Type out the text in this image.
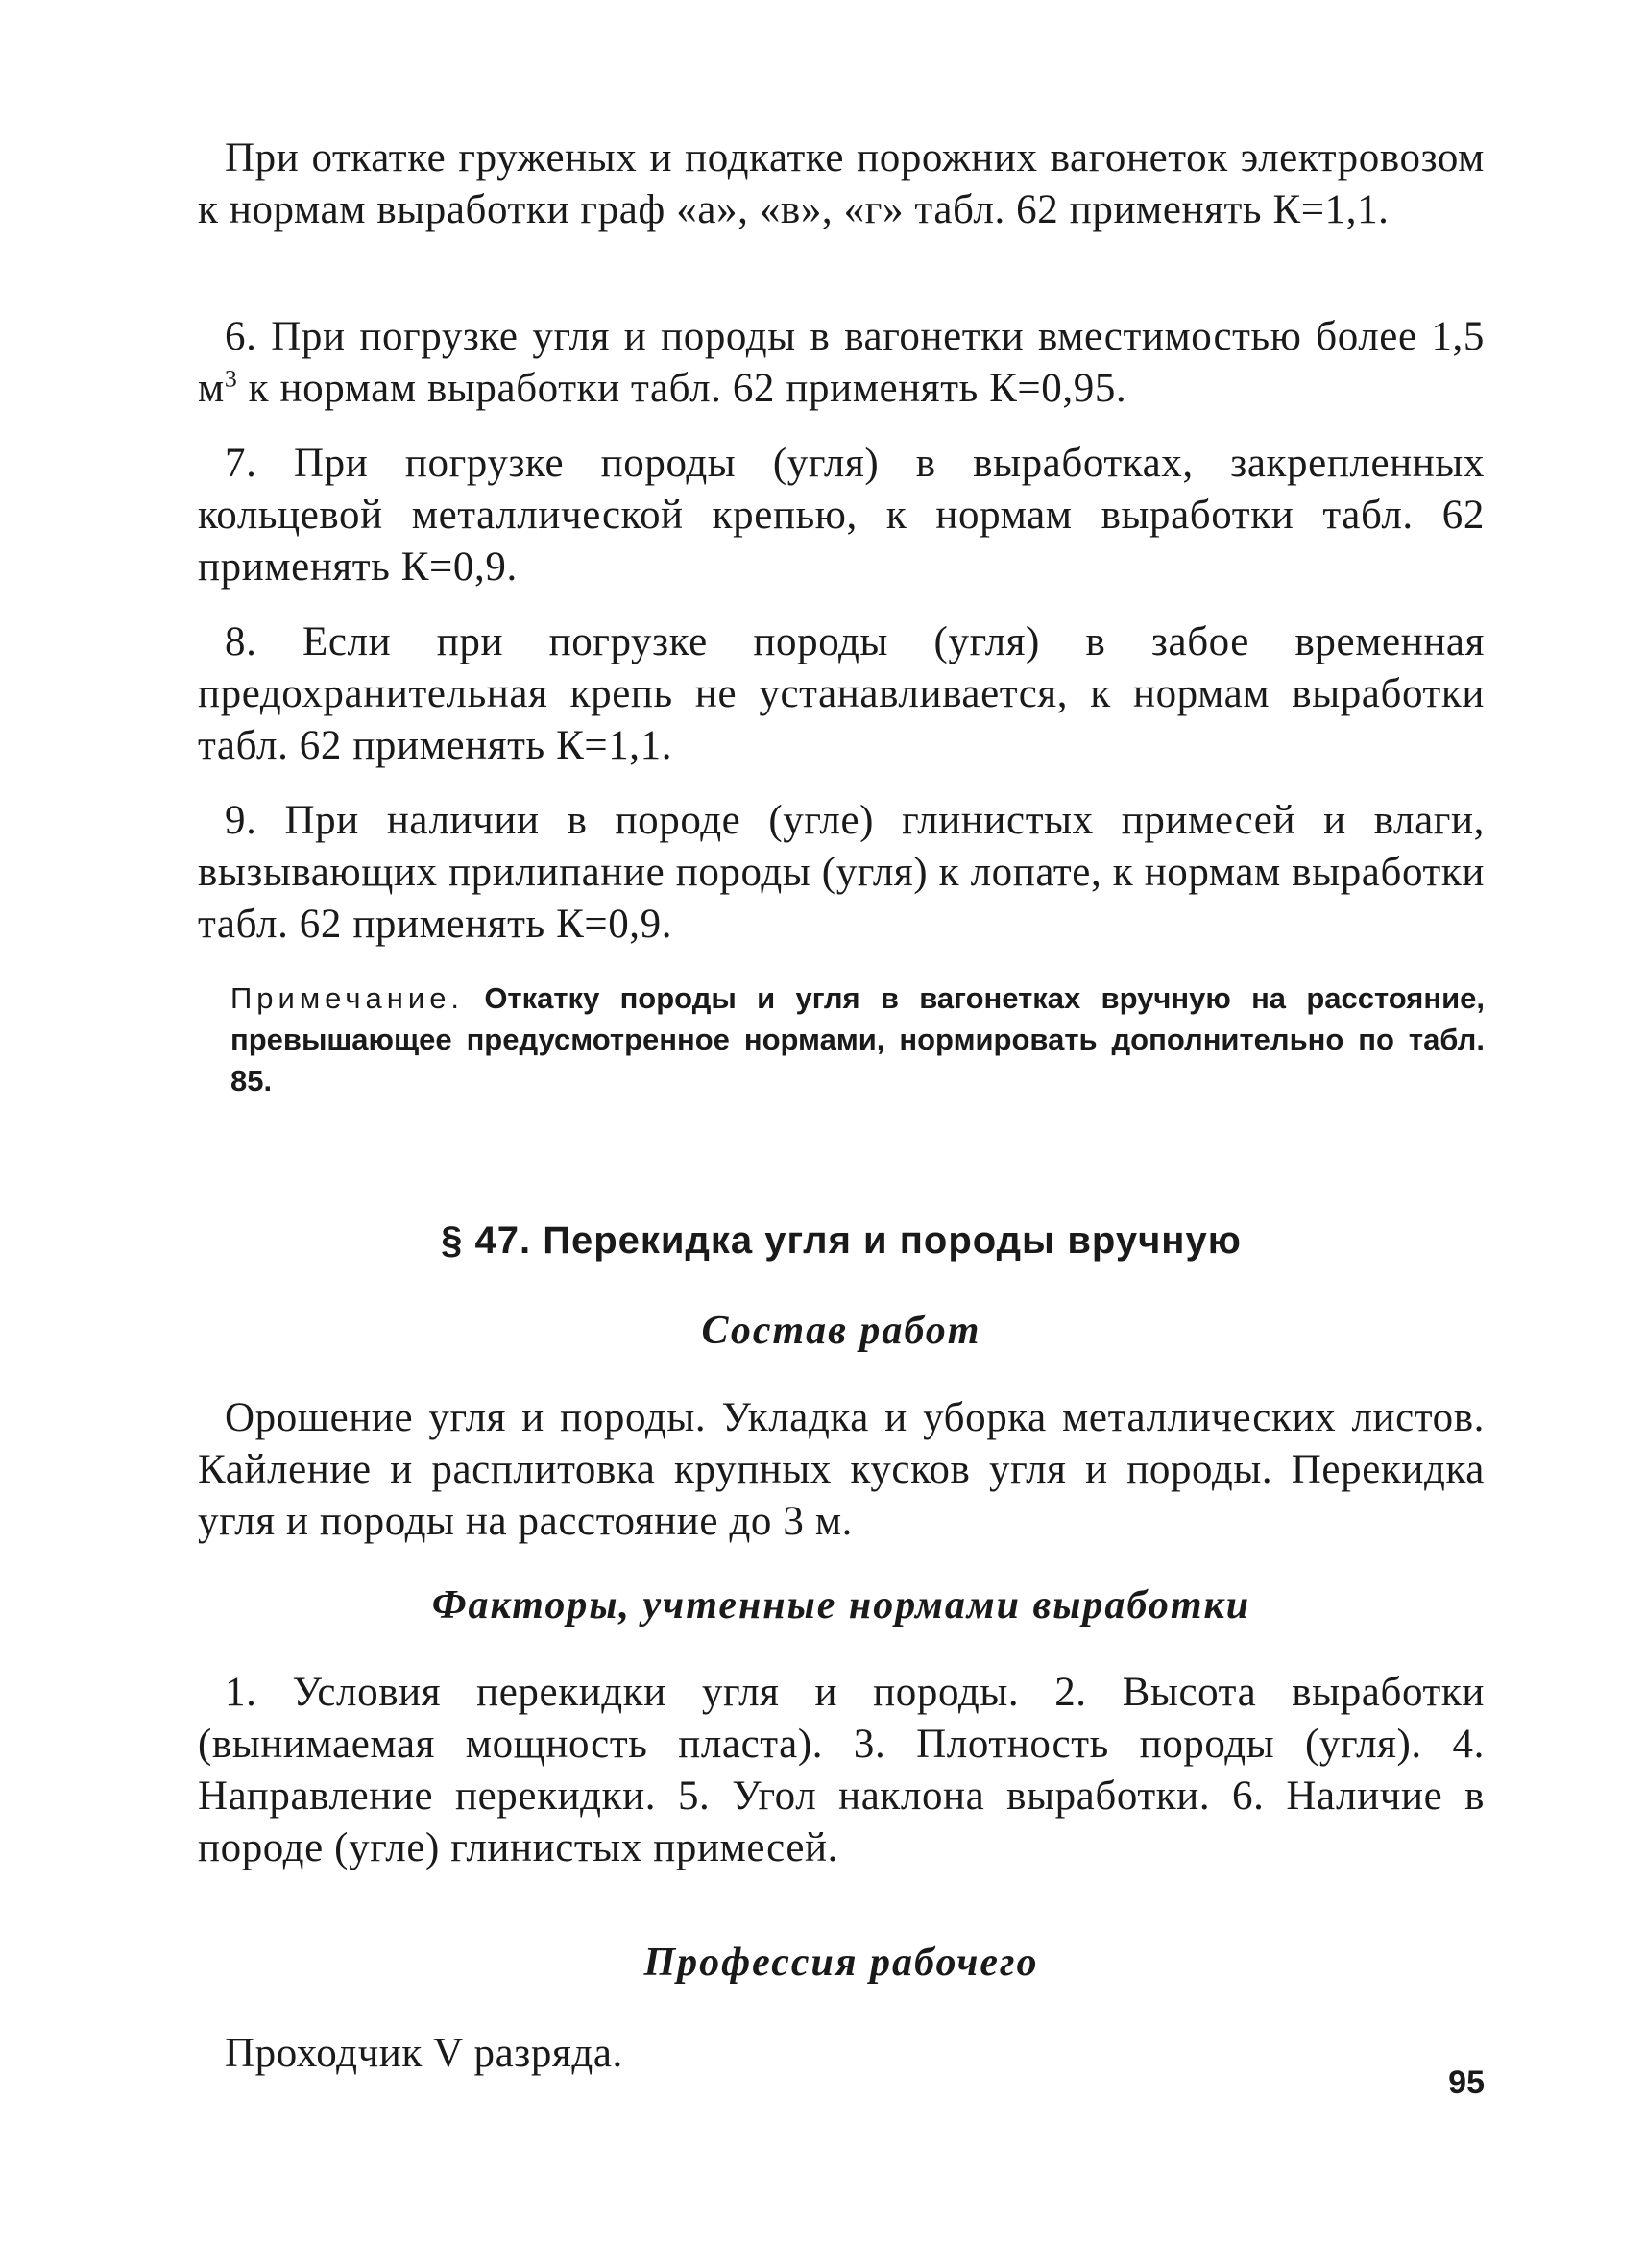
При откатке груженых и подкатке порожних вагонеток электровозом к нормам выработки граф «а», «в», «г» табл. 62 применять К=1,1.

6. При погрузке угля и породы в вагонетки вместимостью более 1,5 $м^3$ к нормам выработки табл. 62 применять К=0,95.

7. При погрузке породы (угля) в выработках, закрепленных кольцевой металлической крепью, к нормам выработки табл. 62 применять К=0,9.

8. Если при погрузке породы (угля) в забое временная предохранительная крепь не устанавливается, к нормам выработки табл. 62 применять К=1,1.

9. При наличии в породе (угле) глинистых примесей и влаги, вызывающих прилипание породы (угля) к лопате, к нормам выработки табл. 62 применять К=0,9.

Примечание. Откатку породы и угля в вагонетках вручную на расстояние, превышающее предусмотренное нормами, нормировать дополнительно по табл. 85.

§ 47. Перекидка угля и породы вручную
Состав работ

Орошение угля и породы. Укладка и уборка металлических листов. Кайление и расплитовка крупных кусков угля и породы. Перекидка угля и породы на расстояние до 3 м.

Факторы, учтенные нормами выработки

1. Условия перекидки угля и породы. 2. Высота выработки (вынимаемая мощность пласта). 3. Плотность породы (угля). 4. Направление перекидки. 5. Угол наклона выработки. 6. Наличие в породе (угле) глинистых примесей.

Профессия рабочего

Проходчик V разряда.

95
